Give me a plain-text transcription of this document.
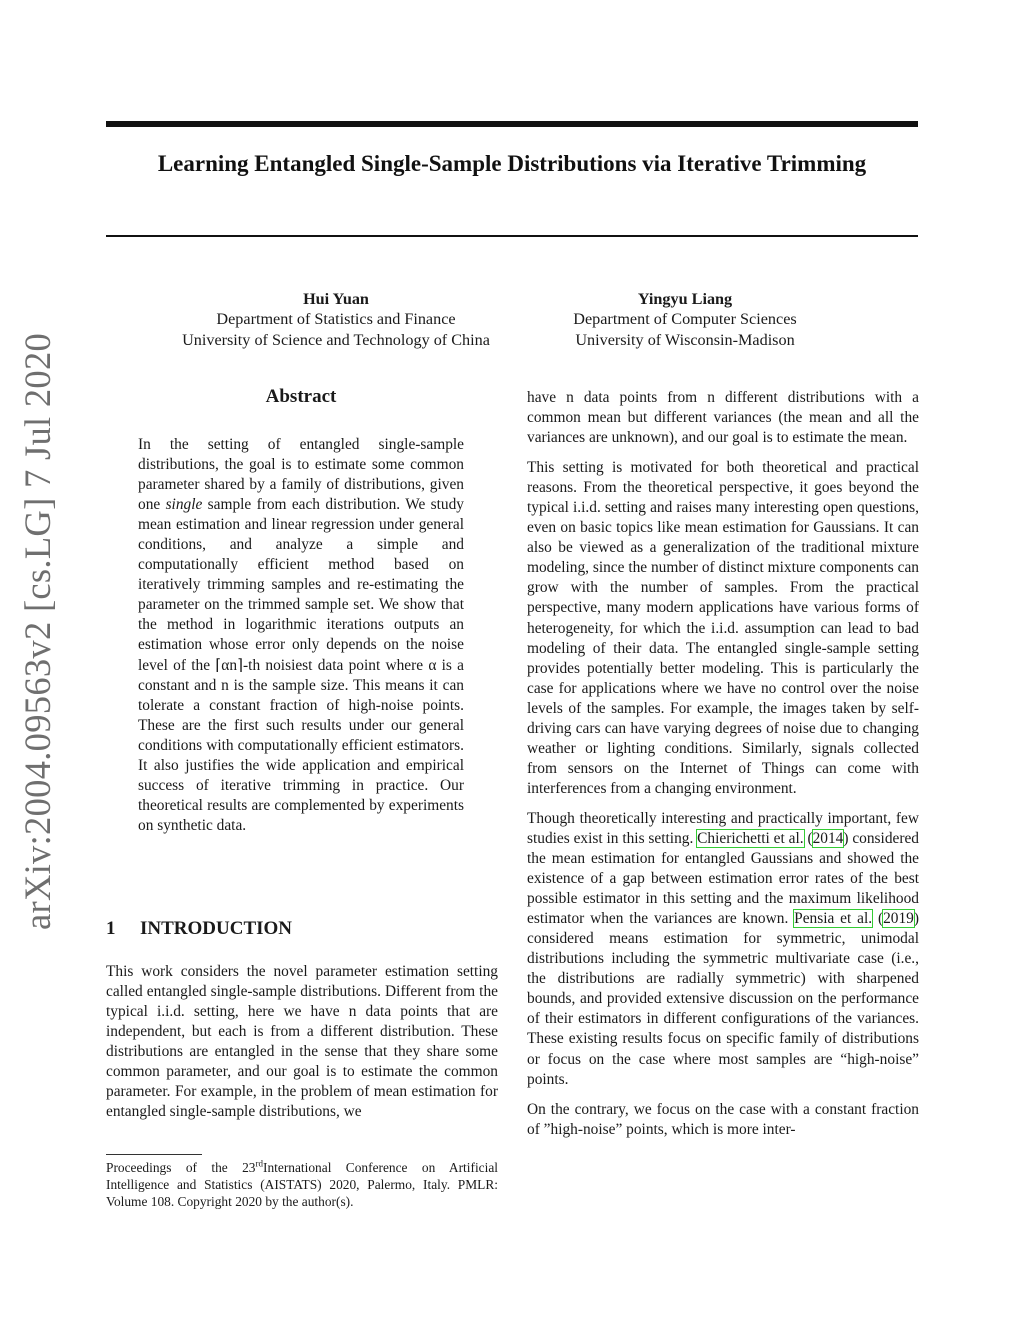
Learning Entangled Single-Sample Distributions via Iterative Trimming
Hui Yuan
Department of Statistics and Finance
University of Science and Technology of China
Yingyu Liang
Department of Computer Sciences
University of Wisconsin-Madison
arXiv:2004.09563v2 [cs.LG] 7 Jul 2020	Abstract
In the setting of entangled single-sample distributions, the goal is to estimate some common parameter shared by a family of distributions, given one single sample from each distribution. We study mean estimation and linear regression under general conditions, and analyze a simple and computationally efficient method based on iteratively trimming samples and re-estimating the parameter on the trimmed sample set. We show that the method in logarithmic iterations outputs an estimation whose error only depends on the noise level of the ⌈αn⌉-th noisiest data point where α is a constant and n is the sample size. This means it can tolerate a constant fraction of high-noise points. These are the first such results under our general conditions with computationally efficient estimators. It also justifies the wide application and empirical success of iterative trimming in practice. Our theoretical results are complemented by experiments on synthetic data.
1 INTRODUCTION
This work considers the novel parameter estimation setting called entangled single-sample distributions. Different from the typical i.i.d. setting, here we have n data points that are independent, but each is from a different distribution. These distributions are entangled in the sense that they share some common parameter, and our goal is to estimate the common parameter. For example, in the problem of mean estimation for entangled single-sample distributions, we
Proceedings of the 23rdInternational Conference on Artificial Intelligence and Statistics (AISTATS) 2020, Palermo, Italy. PMLR: Volume 108. Copyright 2020 by the author(s).

have n data points from n different distributions with a common mean but different variances (the mean and all the variances are unknown), and our goal is to estimate the mean.

This setting is motivated for both theoretical and practical reasons. From the theoretical perspective, it goes beyond the typical i.i.d. setting and raises many interesting open questions, even on basic topics like mean estimation for Gaussians. It can also be viewed as a generalization of the traditional mixture modeling, since the number of distinct mixture components can grow with the number of samples. From the practical perspective, many modern applications have various forms of heterogeneity, for which the i.i.d. assumption can lead to bad modeling of their data. The entangled single-sample setting provides potentially better modeling. This is particularly the case for applications where we have no control over the noise levels of the samples. For example, the images taken by self-driving cars can have varying degrees of noise due to changing weather or lighting conditions. Similarly, signals collected from sensors on the Internet of Things can come with interferences from a changing environment.

Though theoretically interesting and practically important, few studies exist in this setting. Chierichetti et al. (2014) considered the mean estimation for entangled Gaussians and showed the existence of a gap between estimation error rates of the best possible estimator in this setting and the maximum likelihood estimator when the variances are known. Pensia et al. (2019) considered means estimation for symmetric, unimodal distributions including the symmetric multivariate case (i.e., the distributions are radially symmetric) with sharpened bounds, and provided extensive discussion on the performance of their estimators in different configurations of the variances. These existing results focus on specific family of distributions or focus on the case where most samples are “high-noise” points.

On the contrary, we focus on the case with a constant fraction of ”high-noise” points, which is more inter-
